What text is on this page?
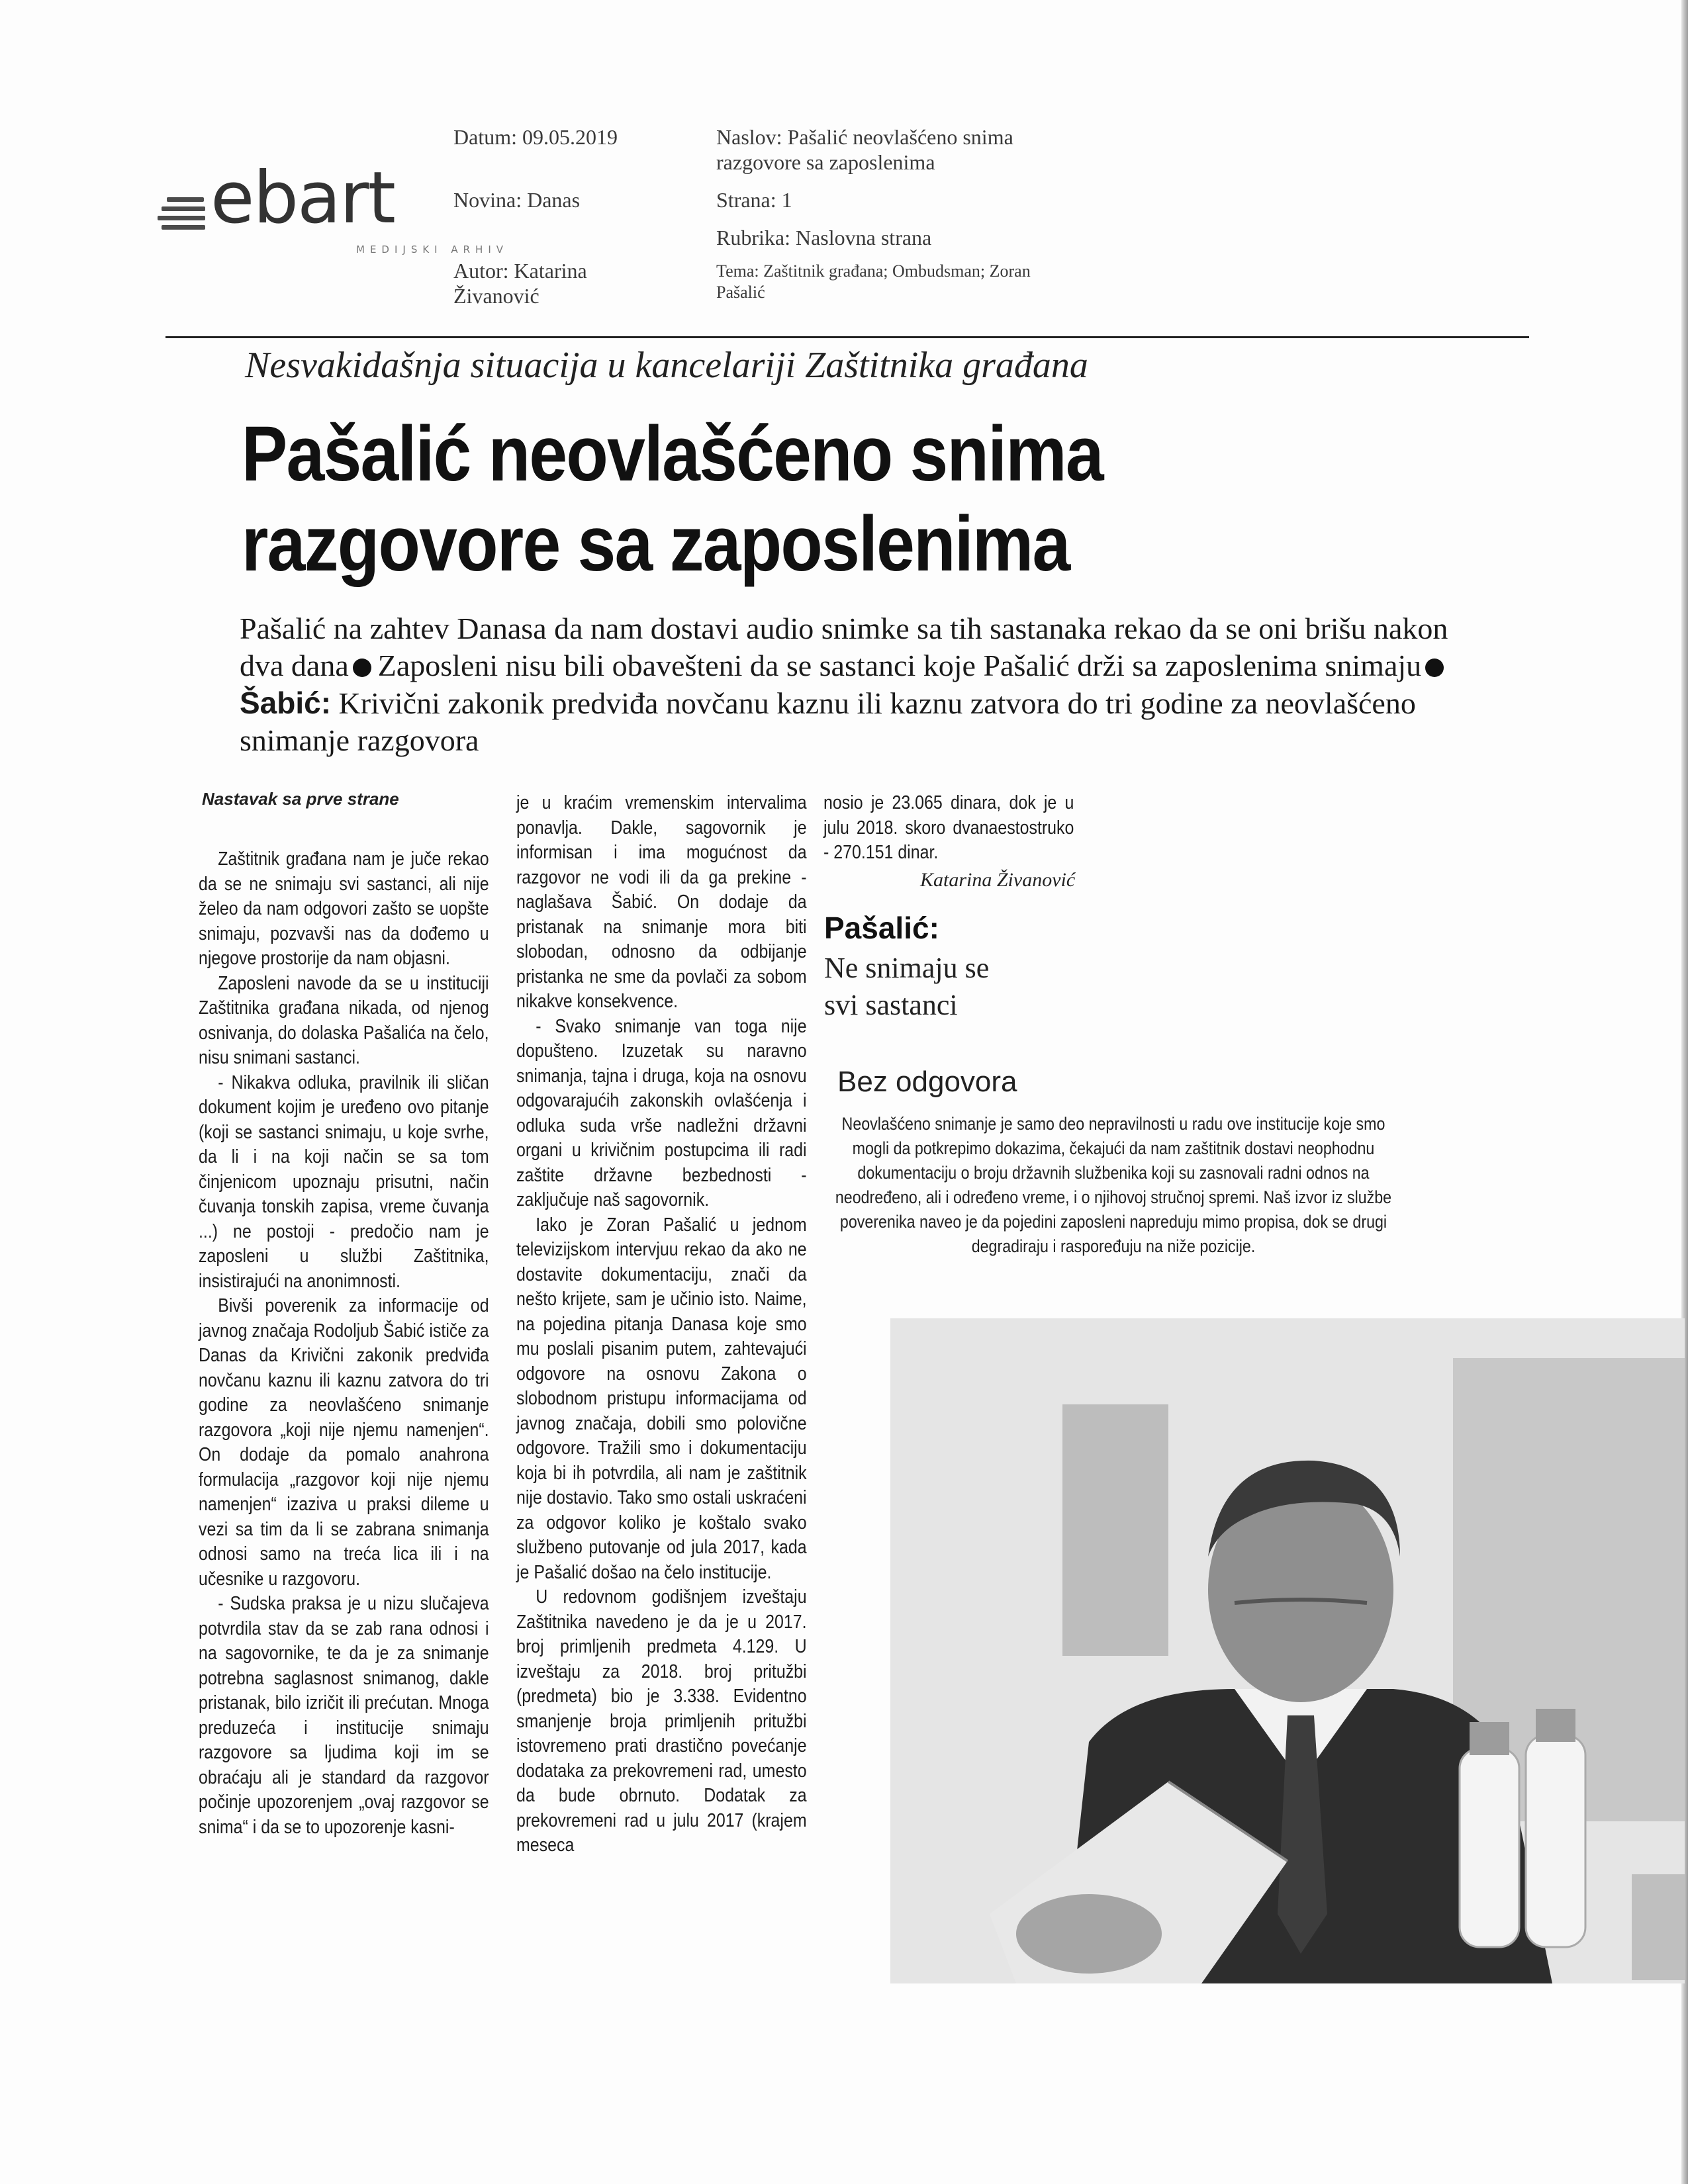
ebart
MEDIJSKI ARHIV
Datum: 09.05.2019
Novina: Danas
Autor: Katarina
Živanović
Naslov: Pašalić neovlašćeno snima
razgovore sa zaposlenima
Strana: 1
Rubrika: Naslovna strana
Tema: Zaštitnik građana; Ombudsman; Zoran
Pašalić
Nesvakidašnja situacija u kancelariji Zaštitnika građana
Pašalić neovlašćeno snima
razgovore sa zaposlenima
Pašalić na zahtev Danasa da nam dostavi audio snimke sa tih sastanaka rekao da se oni brišu nakon dva dana Zaposleni nisu bili obavešteni da se sastanci koje Pašalić drži sa zaposlenima snimajuŠabić: Krivični zakonik predviđa novčanu kaznu ili kaznu zatvora do tri godine za neovlašćeno snimanje razgovora
Nastavak sa prve strane

Zaštitnik građana nam je juče rekao da se ne snimaju svi sastanci, ali nije želeo da nam odgovori zašto se uopšte snimaju, pozvavši nas da dođemo u njegove prostorije da nam objasni.

Zaposleni navode da se u instituciji Zaštitnika građana nikada, od njenog osnivanja, do dolaska Pašalića na čelo, nisu snimani sastanci.

- Nikakva odluka, pravilnik ili sličan dokument kojim je uređeno ovo pitanje (koji se sastanci snimaju, u koje svrhe, da li i na koji način se sa tom činjenicom upoznaju prisutni, način čuvanja tonskih zapisa, vreme čuvanja ...) ne postoji - predočio nam je zaposleni u službi Zaštitnika, insistirajući na anonimnosti.

Bivši poverenik za informacije od javnog značaja Rodoljub Šabić ističe za Danas da Krivični zakonik predviđa novčanu kaznu ili kaznu zatvora do tri godine za neovlašćeno snimanje razgovora „koji nije njemu namenjen“. On dodaje da pomalo anahrona formulacija „razgovor koji nije njemu namenjen“ izaziva u praksi dileme u vezi sa tim da li se zabrana snimanja odnosi samo na treća lica ili i na učesnike u razgovoru.

- Sudska praksa je u nizu slučajeva potvrdila stav da se zab rana odnosi i na sagovornike, te da je za snimanje potrebna saglasnost snimanog, dakle pristanak, bilo izričit ili prećutan. Mnoga preduzeća i institucije snimaju razgovore sa ljudima koji im se obraćaju ali je standard da razgovor počinje upozorenjem „ovaj razgovor se snima“ i da se to upozorenje kasni-

je u kraćim vremenskim intervalima ponavlja. Dakle, sagovornik je informisan i ima mogućnost da razgovor ne vodi ili da ga prekine - naglašava Šabić. On dodaje da pristanak na snimanje mora biti slobodan, odnosno da odbijanje pristanka ne sme da povlači za sobom nikakve konsekvence.

- Svako snimanje van toga nije dopušteno. Izuzetak su naravno snimanja, tajna i druga, koja na osnovu odgovarajućih zakonskih ovlašćenja i odluka suda vrše nadležni državni organi u krivičnim postupcima ili radi zaštite državne bezbednosti - zaključuje naš sagovornik.

Iako je Zoran Pašalić u jednom televizijskom intervjuu rekao da ako ne dostavite dokumentaciju, znači da nešto krijete, sam je učinio isto. Naime, na pojedina pitanja Danasa koje smo mu poslali pisanim putem, zahtevajući odgovore na osnovu Zakona o slobodnom pristupu informacijama od javnog značaja, dobili smo polovične odgovore. Tražili smo i dokumentaciju koja bi ih potvrdila, ali nam je zaštitnik nije dostavio. Tako smo ostali uskraćeni za odgovor koliko je koštalo svako službeno putovanje od jula 2017, kada je Pašalić došao na čelo institucije.

U redovnom godišnjem izveštaju Zaštitnika navedeno je da je u 2017. broj primljenih predmeta 4.129. U izveštaju za 2018. broj pritužbi (predmeta) bio je 3.338. Evidentno smanjenje broja primljenih pritužbi istovremeno prati drastično povećanje dodataka za prekovremeni rad, umesto da bude obrnuto. Dodatak za prekovremeni rad u julu 2017 (krajem meseca

nosio je 23.065 dinara, dok je u julu 2018. skoro dvanaestostruko - 270.151 dinar.

Katarina Živanović
Pašalić:
Ne snimaju se
svi sastanci
Bez odgovora
Neovlašćeno snimanje je samo deo nepravilnosti u radu ove institucije koje smo mogli da potkrepimo dokazima, čekajući da nam zaštitnik dostavi neophodnu dokumentaciju o broju državnih službenika koji su zasnovali radni odnos na neodređeno, ali i određeno vreme, i o njihovoj stručnoj spremi. Naš izvor iz službe poverenika naveo je da pojedini zaposleni napreduju mimo propisa, dok se drugi degradiraju i raspoređuju na niže pozicije.
